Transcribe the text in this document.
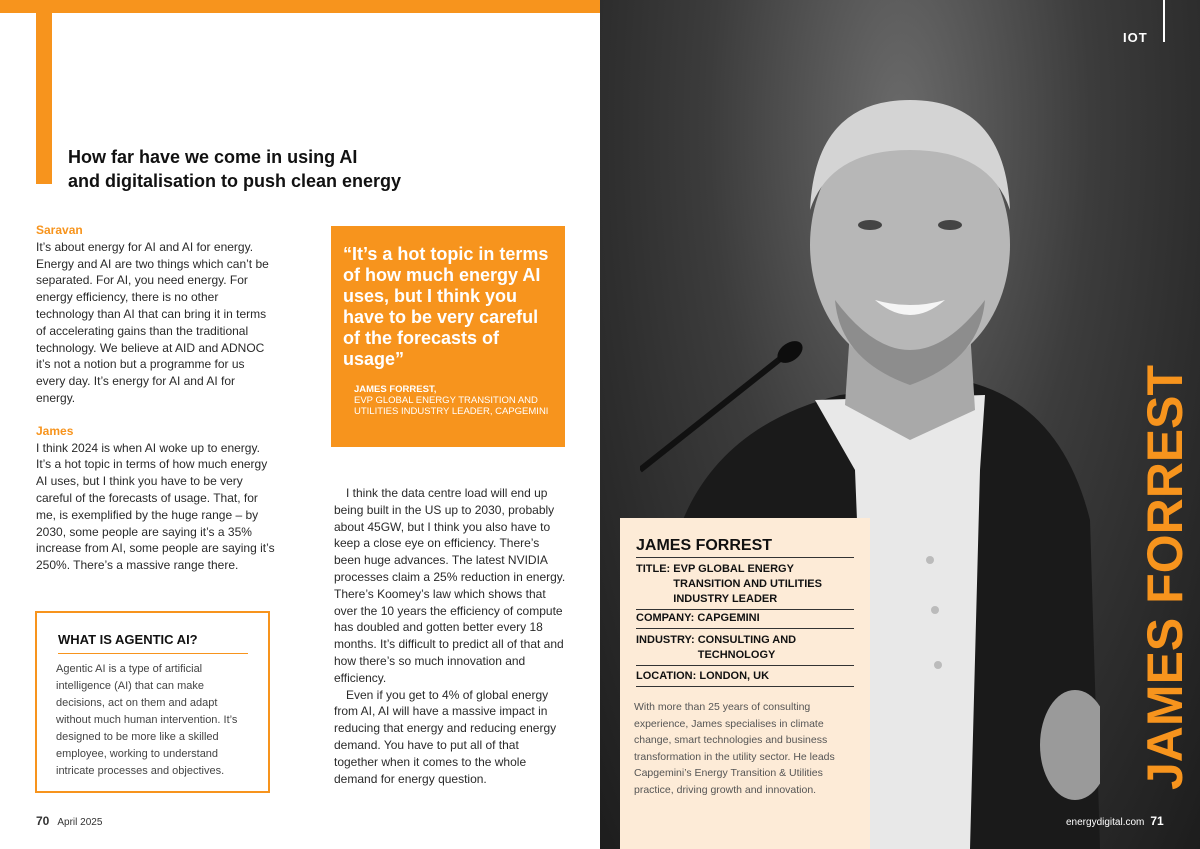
How far have we come in using AI
and digitalisation to push clean energy
Saravan

It’s about energy for AI and AI for energy. Energy and AI are two things which can’t be separated. For AI, you need energy. For energy efficiency, there is no other technology than AI that can bring it in terms of accelerating gains than the traditional technology. We believe at AID and ADNOC it’s not a notion but a programme for us every day. It’s energy for AI and AI for energy.

James

I think 2024 is when AI woke up to energy. It’s a hot topic in terms of how much energy AI uses, but I think you have to be very careful of the forecasts of usage. That, for me, is exemplified by the huge range – by 2030, some people are saying it’s a 35% increase from AI, some people are saying it’s 250%. There’s a massive range there.

“It’s a hot topic in terms of how much energy AI uses, but I think you have to be very careful of the forecasts of usage”
JAMES FORREST,
EVP GLOBAL ENERGY TRANSITION AND UTILITIES INDUSTRY LEADER, CAPGEMINI

I think the data centre load will end up being built in the US up to 2030, probably about 45GW, but I think you also have to keep a close eye on efficiency. There’s been huge advances. The latest NVIDIA processes claim a 25% reduction in energy. There’s Koomey’s law which shows that over the 10 years the efficiency of compute has doubled and gotten better every 18 months. It’s difficult to predict all of that and how there’s so much innovation and efficiency.

Even if you get to 4% of global energy from AI, AI will have a massive impact in reducing that energy and reducing energy demand. You have to put all of that together when it comes to the whole demand for energy question.

WHAT IS AGENTIC AI?
Agentic AI is a type of artificial intelligence (AI) that can make decisions, act on them and adapt without much human intervention. It’s designed to be more like a skilled employee, working to understand intricate processes and objectives.
70 April 2025
IOT
JAMES FORREST
JAMES FORREST
TITLE: EVP GLOBAL ENERGY TRANSITION AND UTILITIES INDUSTRY LEADER
COMPANY: CAPGEMINI
INDUSTRY: CONSULTING AND TECHNOLOGY
LOCATION: LONDON, UK
With more than 25 years of consulting experience, James specialises in climate change, smart technologies and business transformation in the utility sector. He leads Capgemini’s Energy Transition & Utilities practice, driving growth and innovation.
energydigital.com 71
